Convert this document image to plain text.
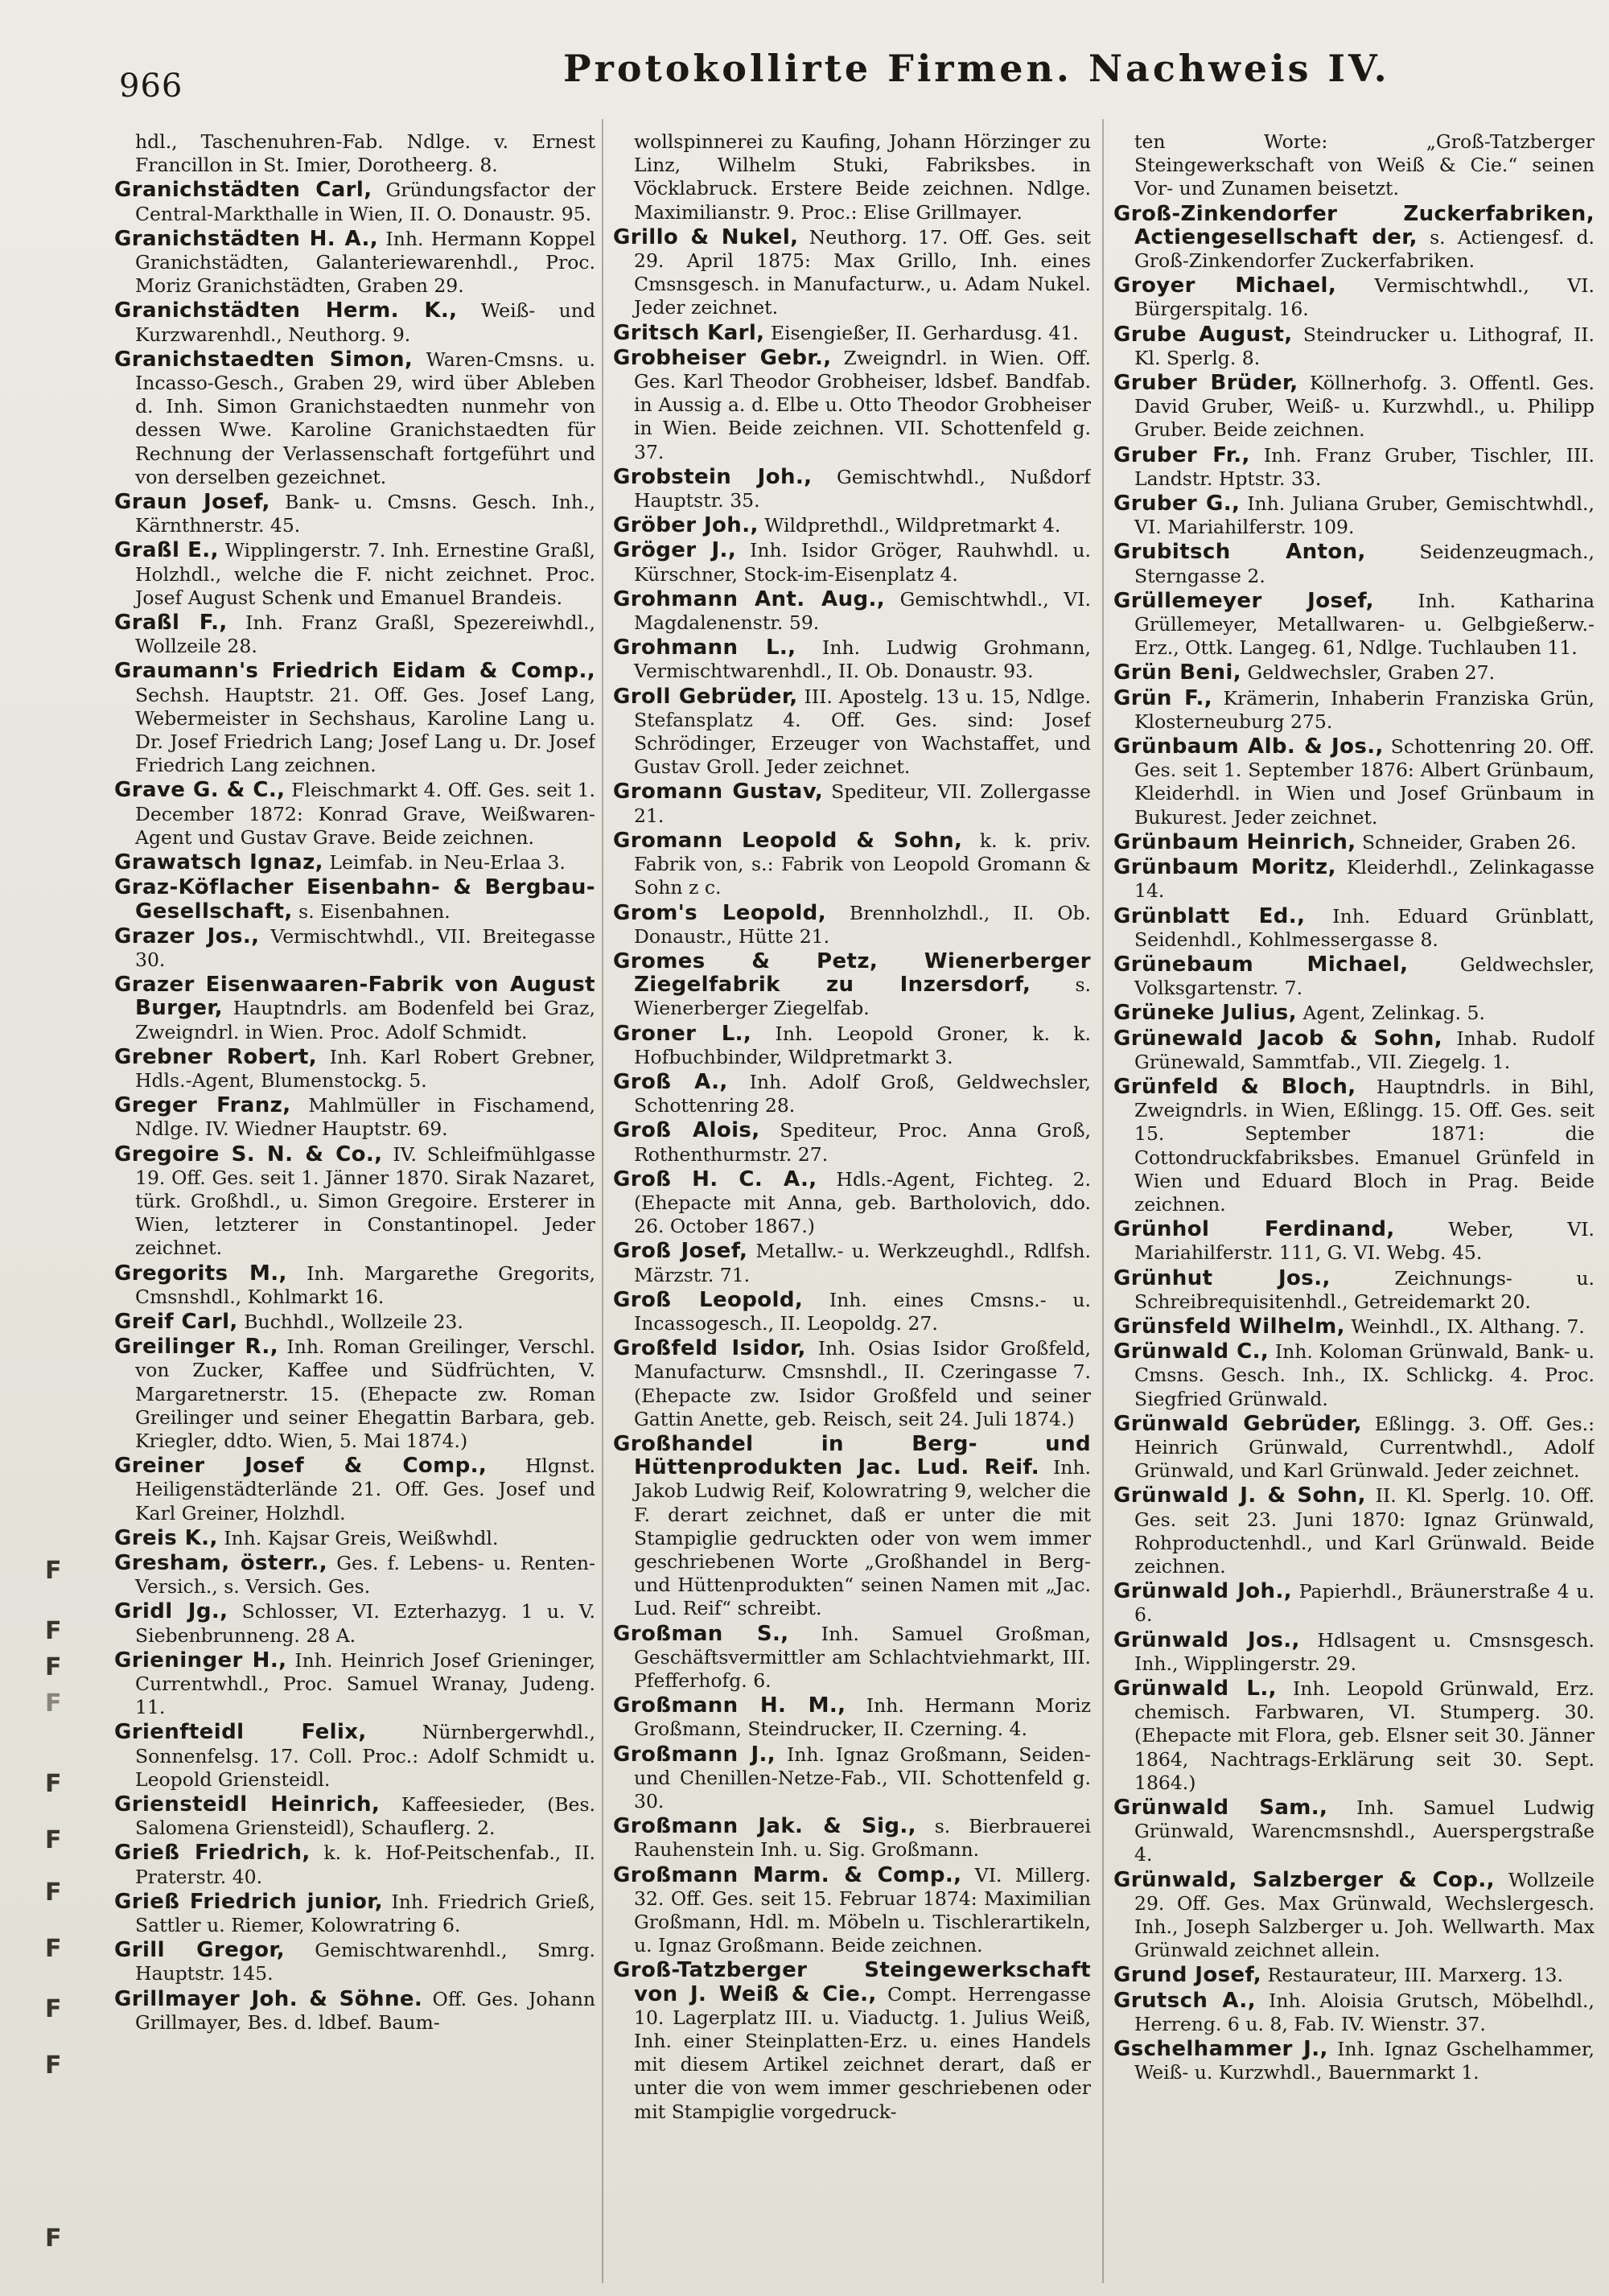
966	Protokollirte Firmen. Nachweis IV.
F
F
F
F
F
F
F
F
F
F
F

hdl., Taschenuhren-Fab. Ndlge. v. Ernest Francillon in St. Imier, Dorotheerg. 8.

Granichstädten Carl, Gründungsfactor der Central-Markthalle in Wien, II. O. Donaustr. 95.

Granichstädten H. A., Inh. Hermann Koppel Granichstädten, Galanteriewarenhdl., Proc. Moriz Granichstädten, Graben 29.

Granichstädten Herm. K., Weiß- und Kurzwarenhdl., Neuthorg. 9.

Granichstaedten Simon, Waren-Cmsns. u. Incasso-Gesch., Graben 29, wird über Ableben d. Inh. Simon Granichstaedten nunmehr von dessen Wwe. Karoline Granichstaedten für Rechnung der Verlassenschaft fortgeführt und von derselben gezeichnet.

Graun Josef, Bank- u. Cmsns. Gesch. Inh., Kärnthnerstr. 45.

Graßl E., Wipplingerstr. 7. Inh. Ernestine Graßl, Holzhdl., welche die F. nicht zeichnet. Proc. Josef August Schenk und Emanuel Brandeis.

Graßl F., Inh. Franz Graßl, Spezereiwhdl., Wollzeile 28.

Graumann's Friedrich Eidam & Comp., Sechsh. Hauptstr. 21. Off. Ges. Josef Lang, Webermeister in Sechshaus, Karoline Lang u. Dr. Josef Friedrich Lang; Josef Lang u. Dr. Josef Friedrich Lang zeichnen.

Grave G. & C., Fleischmarkt 4. Off. Ges. seit 1. December 1872: Konrad Grave, Weißwaren-Agent und Gustav Grave. Beide zeichnen.

Grawatsch Ignaz, Leimfab. in Neu-Erlaa 3.

Graz-Köflacher Eisenbahn- & Bergbau-Gesellschaft, s. Eisenbahnen.

Grazer Jos., Vermischtwhdl., VII. Breitegasse 30.

Grazer Eisenwaaren-Fabrik von August Burger, Hauptndrls. am Bodenfeld bei Graz, Zweigndrl. in Wien. Proc. Adolf Schmidt.

Grebner Robert, Inh. Karl Robert Grebner, Hdls.-Agent, Blumenstockg. 5.

Greger Franz, Mahlmüller in Fischamend, Ndlge. IV. Wiedner Hauptstr. 69.

Gregoire S. N. & Co., IV. Schleifmühlgasse 19. Off. Ges. seit 1. Jänner 1870. Sirak Nazaret, türk. Großhdl., u. Simon Gregoire. Ersterer in Wien, letzterer in Constantinopel. Jeder zeichnet.

Gregorits M., Inh. Margarethe Gregorits, Cmsnshdl., Kohlmarkt 16.

Greif Carl, Buchhdl., Wollzeile 23.

Greilinger R., Inh. Roman Greilinger, Verschl. von Zucker, Kaffee und Südfrüchten, V. Margaretnerstr. 15. (Ehepacte zw. Roman Greilinger und seiner Ehegattin Barbara, geb. Kriegler, ddto. Wien, 5. Mai 1874.)

Greiner Josef & Comp., Hlgnst. Heiligenstädterlände 21. Off. Ges. Josef und Karl Greiner, Holzhdl.

Greis K., Inh. Kajsar Greis, Weißwhdl.

Gresham, österr., Ges. f. Lebens- u. Renten-Versich., s. Versich. Ges.

Gridl Jg., Schlosser, VI. Ezterhazyg. 1 u. V. Siebenbrunneng. 28 A.

Grieninger H., Inh. Heinrich Josef Grieninger, Currentwhdl., Proc. Samuel Wranay, Judeng. 11.

Grienfteidl Felix,	Nürnbergerwhdl., Sonnenfelsg. 17. Coll. Proc.: Adolf Schmidt u. Leopold Griensteidl.

Griensteidl Heinrich, Kaffeesieder, (Bes. Salomena Griensteidl), Schauflerg. 2.

Grieß Friedrich, k. k. Hof-Peitschenfab., II. Praterstr. 40.

Grieß Friedrich junior, Inh. Friedrich Grieß, Sattler u. Riemer, Kolowratring 6.

Grill Gregor, Gemischtwarenhdl., Smrg. Hauptstr. 145.

Grillmayer Joh. & Söhne. Off. Ges. Johann Grillmayer, Bes. d. ldbef. Baum-

wollspinnerei zu Kaufing, Johann Hörzinger zu Linz, Wilhelm Stuki, Fabriksbes. in Vöcklabruck. Erstere Beide zeichnen. Ndlge. Maximilianstr. 9. Proc.: Elise Grillmayer.

Grillo & Nukel, Neuthorg. 17. Off. Ges. seit 29. April 1875: Max Grillo, Inh. eines Cmsnsgesch. in Manufacturw., u. Adam Nukel. Jeder zeichnet.

Gritsch Karl, Eisengießer, II. Gerhardusg. 41.

Grobheiser Gebr., Zweigndrl. in Wien. Off. Ges. Karl Theodor Grobheiser, ldsbef. Bandfab. in Aussig a. d. Elbe u. Otto Theodor Grobheiser in Wien. Beide zeichnen. VII. Schottenfeld g. 37.

Grobstein Joh., Gemischtwhdl., Nußdorf Hauptstr. 35.

Gröber Joh., Wildprethdl., Wildpretmarkt 4.

Gröger J., Inh. Isidor Gröger, Rauhwhdl. u. Kürschner, Stock-im-Eisenplatz 4.

Grohmann Ant. Aug., Gemischtwhdl., VI. Magdalenenstr. 59.

Grohmann L., Inh. Ludwig Grohmann, Vermischtwarenhdl., II. Ob. Donaustr. 93.

Groll Gebrüder, III. Apostelg. 13 u. 15, Ndlge. Stefansplatz 4. Off. Ges. sind: Josef Schrödinger, Erzeuger von Wachstaffet, und Gustav Groll. Jeder zeichnet.

Gromann Gustav, Spediteur, VII. Zollergasse 21.

Gromann Leopold & Sohn, k. k. priv. Fabrik von, s.: Fabrik von Leopold Gromann & Sohn z c.

Grom's Leopold, Brennholzhdl., II. Ob. Donaustr., Hütte 21.

Gromes & Petz, Wienerberger Ziegelfabrik zu Inzersdorf, s. Wienerberger Ziegelfab.

Groner L., Inh. Leopold Groner, k. k. Hofbuchbinder, Wildpretmarkt 3.

Groß A., Inh. Adolf Groß, Geldwechsler, Schottenring 28.

Groß Alois, Spediteur, Proc. Anna Groß, Rothenthurmstr. 27.

Groß H. C. A., Hdls.-Agent, Fichteg. 2. (Ehepacte mit Anna, geb. Bartholovich, ddo. 26. October 1867.)

Groß Josef, Metallw.- u. Werkzeughdl., Rdlfsh. Märzstr. 71.

Groß Leopold, Inh. eines Cmsns.- u. Incassogesch., II. Leopoldg. 27.

Großfeld Isidor, Inh. Osias Isidor Großfeld, Manufacturw. Cmsnshdl., II. Czeringasse 7. (Ehepacte zw. Isidor Großfeld und seiner Gattin Anette, geb. Reisch, seit 24. Juli 1874.)

Großhandel in Berg- und Hüttenprodukten Jac. Lud. Reif. Inh. Jakob Ludwig Reif, Kolowratring 9, welcher die F. derart zeichnet, daß er unter die mit Stampiglie gedruckten oder von wem immer geschriebenen Worte „Großhandel in Berg- und Hüttenprodukten“ seinen Namen mit „Jac. Lud. Reif“ schreibt.

Großman S., Inh. Samuel Großman, Geschäftsvermittler am Schlachtviehmarkt, III. Pfefferhofg. 6.

Großmann H. M., Inh. Hermann Moriz Großmann, Steindrucker, II. Czerning. 4.

Großmann J., Inh. Ignaz Großmann, Seiden- und Chenillen-Netze-Fab., VII. Schottenfeld g. 30.

Großmann Jak. & Sig., s. Bierbrauerei Rauhenstein Inh. u. Sig. Großmann.

Großmann Marm. & Comp., VI. Millerg. 32. Off. Ges. seit 15. Februar 1874: Maximilian Großmann, Hdl. m. Möbeln u. Tischlerartikeln, u. Ignaz Großmann. Beide zeichnen.

Groß-Tatzberger Steingewerkschaft von J. Weiß & Cie., Compt. Herrengasse 10. Lagerplatz III. u. Viaductg. 1. Julius Weiß, Inh. einer Steinplatten-Erz. u. eines Handels mit diesem Artikel zeichnet derart, daß er unter die von wem immer geschriebenen oder mit Stampiglie vorgedruck-

ten Worte: „Groß-Tatzberger Steingewerkschaft von Weiß & Cie.“ seinen Vor- und Zunamen beisetzt.

Groß-Zinkendorfer Zuckerfabriken, Actiengesellschaft der, s. Actiengesf. d. Groß-Zinkendorfer Zuckerfabriken.

Groyer Michael, Vermischtwhdl., VI. Bürgerspitalg. 16.

Grube August, Steindrucker u. Lithograf, II. Kl. Sperlg. 8.

Gruber Brüder, Köllnerhofg. 3. Offentl. Ges. David Gruber, Weiß- u. Kurzwhdl., u. Philipp Gruber. Beide zeichnen.

Gruber Fr., Inh. Franz Gruber, Tischler, III. Landstr. Hptstr. 33.

Gruber G., Inh. Juliana Gruber, Gemischtwhdl., VI. Mariahilferstr. 109.

Grubitsch Anton,	Seidenzeugmach., Sterngasse 2.

Grüllemeyer Josef, Inh. Katharina Grüllemeyer, Metallwaren- u. Gelbgießerw.-Erz., Ottk. Langeg. 61, Ndlge. Tuchlauben 11.

Grün Beni, Geldwechsler, Graben 27.

Grün F., Krämerin, Inhaberin Franziska Grün, Klosterneuburg 275.

Grünbaum Alb. & Jos., Schottenring 20. Off. Ges. seit 1. September 1876: Albert Grünbaum, Kleiderhdl. in Wien und Josef Grünbaum in Bukurest. Jeder zeichnet.

Grünbaum Heinrich, Schneider, Graben 26.

Grünbaum Moritz, Kleiderhdl., Zelinkagasse 14.

Grünblatt Ed., Inh. Eduard Grünblatt, Seidenhdl., Kohlmessergasse 8.

Grünebaum Michael,	Geldwechsler, Volksgartenstr. 7.

Grüneke Julius, Agent, Zelinkag. 5.

Grünewald Jacob & Sohn, Inhab. Rudolf Grünewald, Sammtfab., VII. Ziegelg. 1.

Grünfeld & Bloch, Hauptndrls. in Bihl, Zweigndrls. in Wien, Eßlingg. 15. Off. Ges. seit 15. September 1871: die Cottondruckfabriksbes. Emanuel Grünfeld in Wien und Eduard Bloch in Prag. Beide zeichnen.

Grünhol Ferdinand,	Weber, VI. Mariahilferstr. 111, G. VI. Webg. 45.

Grünhut Jos.,	Zeichnungs- u. Schreibrequisitenhdl., Getreidemarkt 20.

Grünsfeld Wilhelm, Weinhdl., IX. Althang. 7.

Grünwald C., Inh. Koloman Grünwald, Bank- u. Cmsns. Gesch. Inh., IX. Schlickg. 4. Proc. Siegfried Grünwald.

Grünwald Gebrüder, Eßlingg. 3. Off. Ges.: Heinrich Grünwald, Currentwhdl., Adolf Grünwald, und Karl Grünwald. Jeder zeichnet.

Grünwald J. & Sohn, II. Kl. Sperlg. 10. Off. Ges. seit 23. Juni 1870: Ignaz Grünwald, Rohproductenhdl., und Karl Grünwald. Beide zeichnen.

Grünwald Joh., Papierhdl., Bräunerstraße 4 u. 6.

Grünwald Jos., Hdlsagent u. Cmsnsgesch. Inh., Wipplingerstr. 29.

Grünwald L., Inh. Leopold Grünwald, Erz. chemisch. Farbwaren, VI. Stumperg. 30. (Ehepacte mit Flora, geb. Elsner seit 30. Jänner 1864, Nachtrags-Erklärung seit 30. Sept. 1864.)

Grünwald Sam., Inh. Samuel Ludwig Grünwald, Warencmsnshdl., Auerspergstraße 4.

Grünwald, Salzberger & Cop., Wollzeile 29. Off. Ges. Max Grünwald, Wechslergesch. Inh., Joseph Salzberger u. Joh. Wellwarth. Max Grünwald zeichnet allein.

Grund Josef, Restaurateur, III. Marxerg. 13.

Grutsch A., Inh. Aloisia Grutsch, Möbelhdl., Herreng. 6 u. 8, Fab. IV. Wienstr. 37.

Gschelhammer J., Inh. Ignaz Gschelhammer, Weiß- u. Kurzwhdl., Bauernmarkt 1.
